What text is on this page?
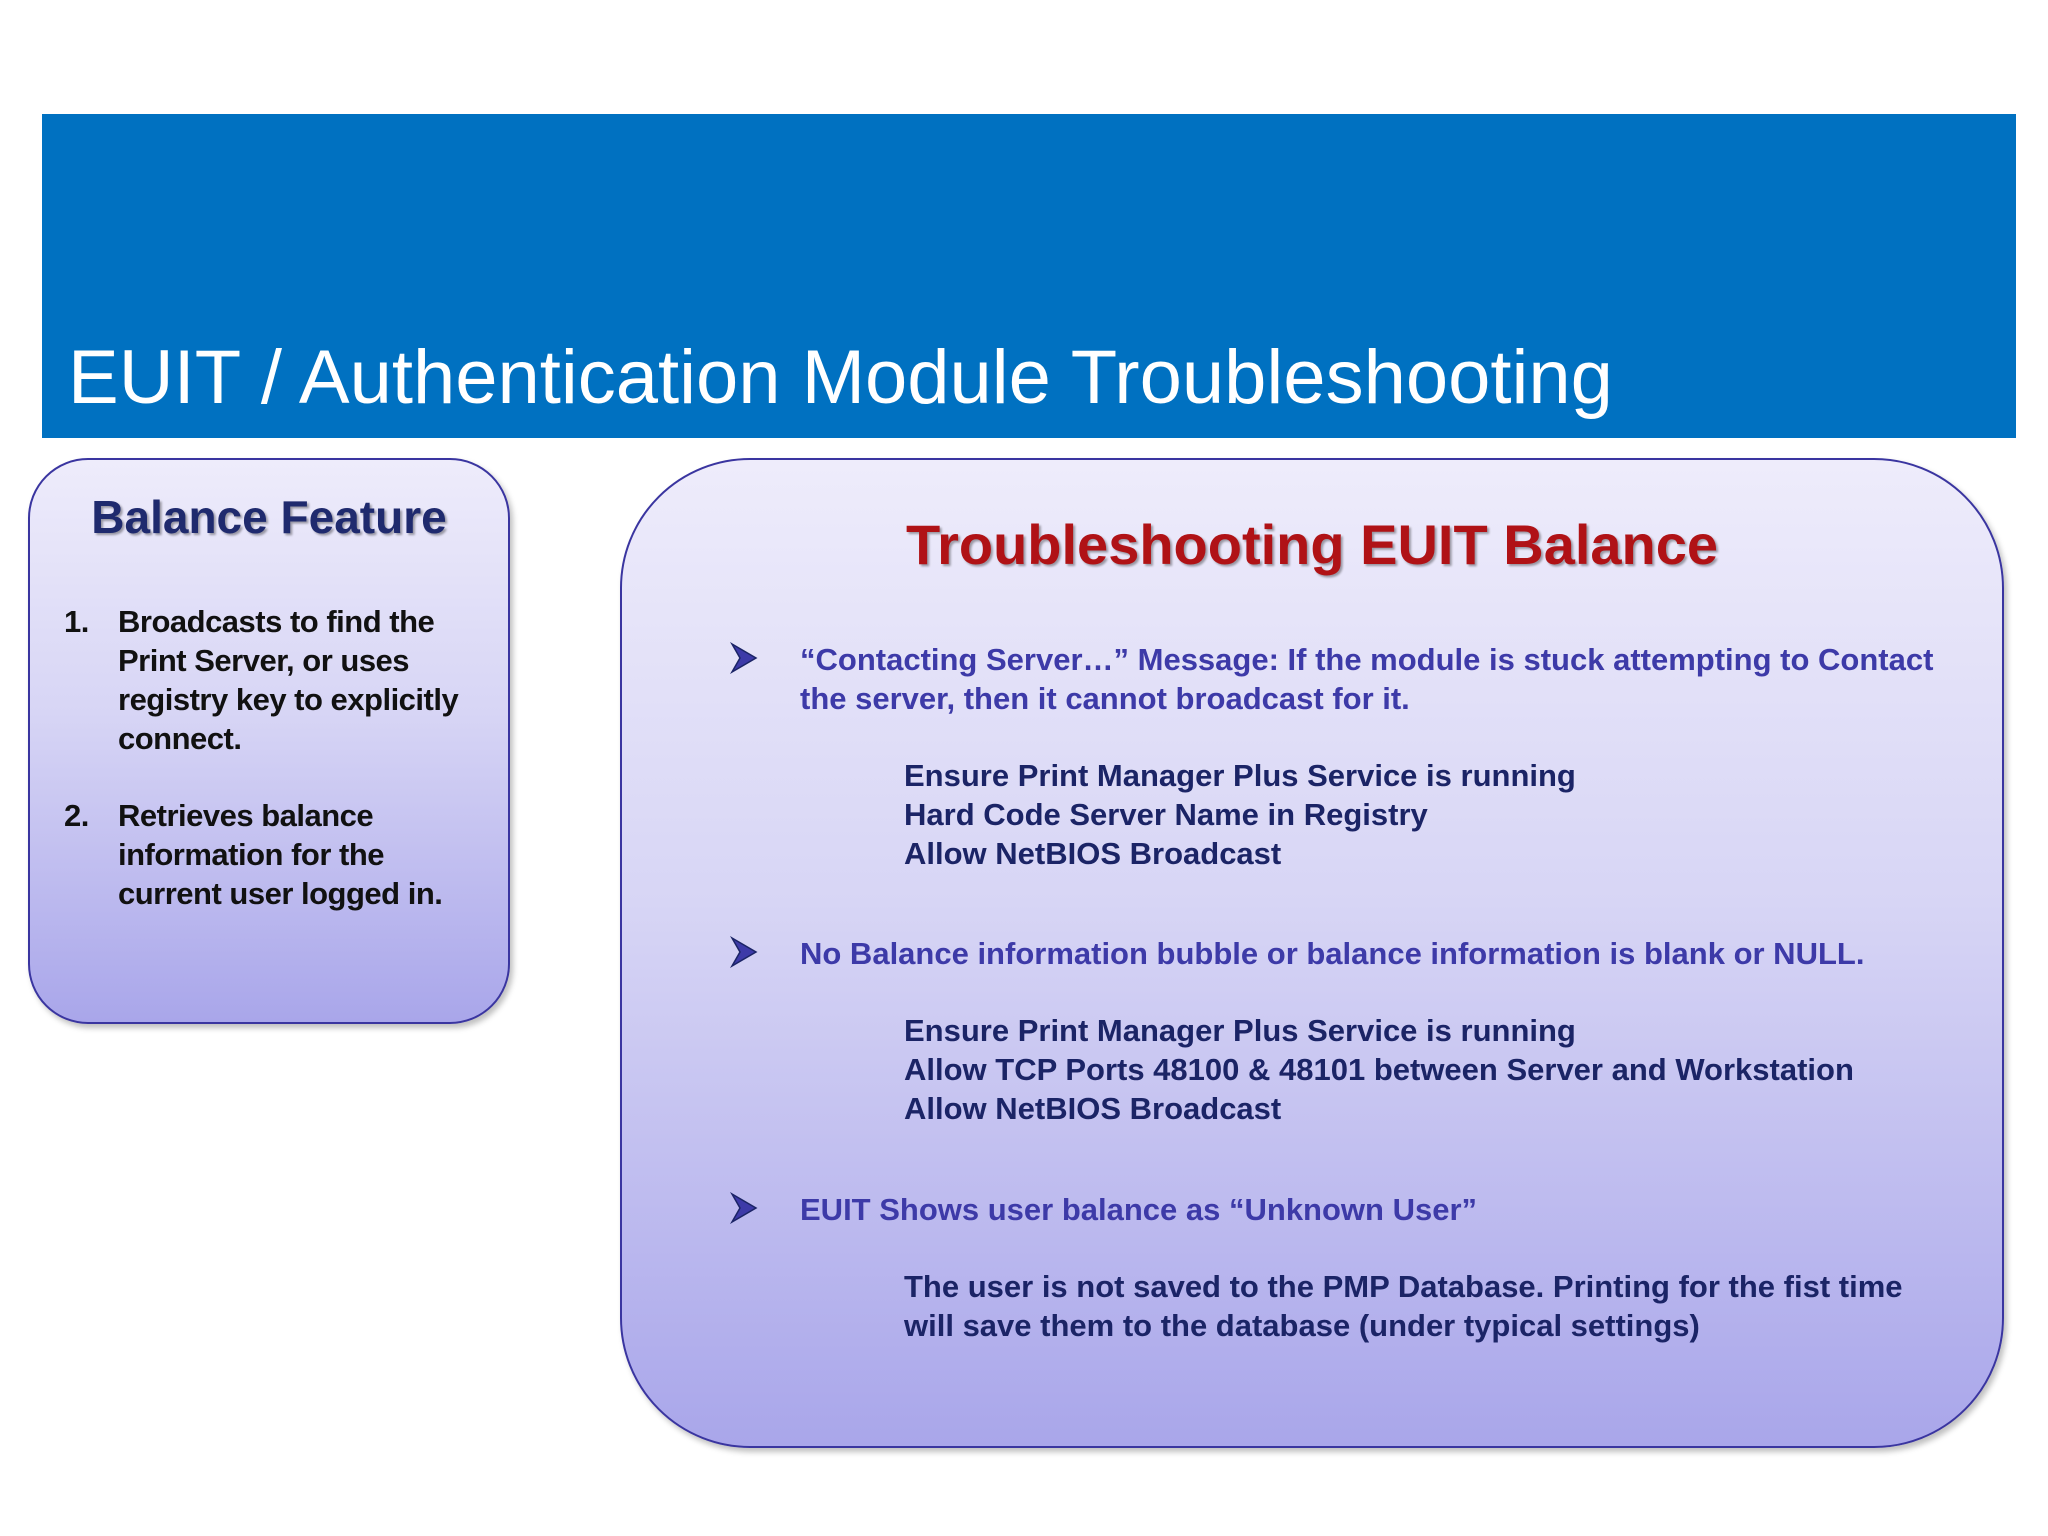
EUIT / Authentication Module Troubleshooting
Balance Feature
1. Broadcasts to find the Print Server, or uses registry key to explicitly connect.
2. Retrieves balance information for the current user logged in.
Troubleshooting EUIT Balance

“Contacting Server…” Message: If the module is stuck attempting to Contact the server, then it cannot broadcast for it.

Ensure Print Manager Plus Service is running
Hard Code Server Name in Registry
Allow NetBIOS Broadcast

No Balance information bubble or balance information is blank or NULL.

Ensure Print Manager Plus Service is running
Allow TCP Ports 48100 & 48101 between Server and Workstation
Allow NetBIOS Broadcast

EUIT Shows user balance as “Unknown User”

The user is not saved to the PMP Database. Printing for the fist time will save them to the database (under typical settings)
